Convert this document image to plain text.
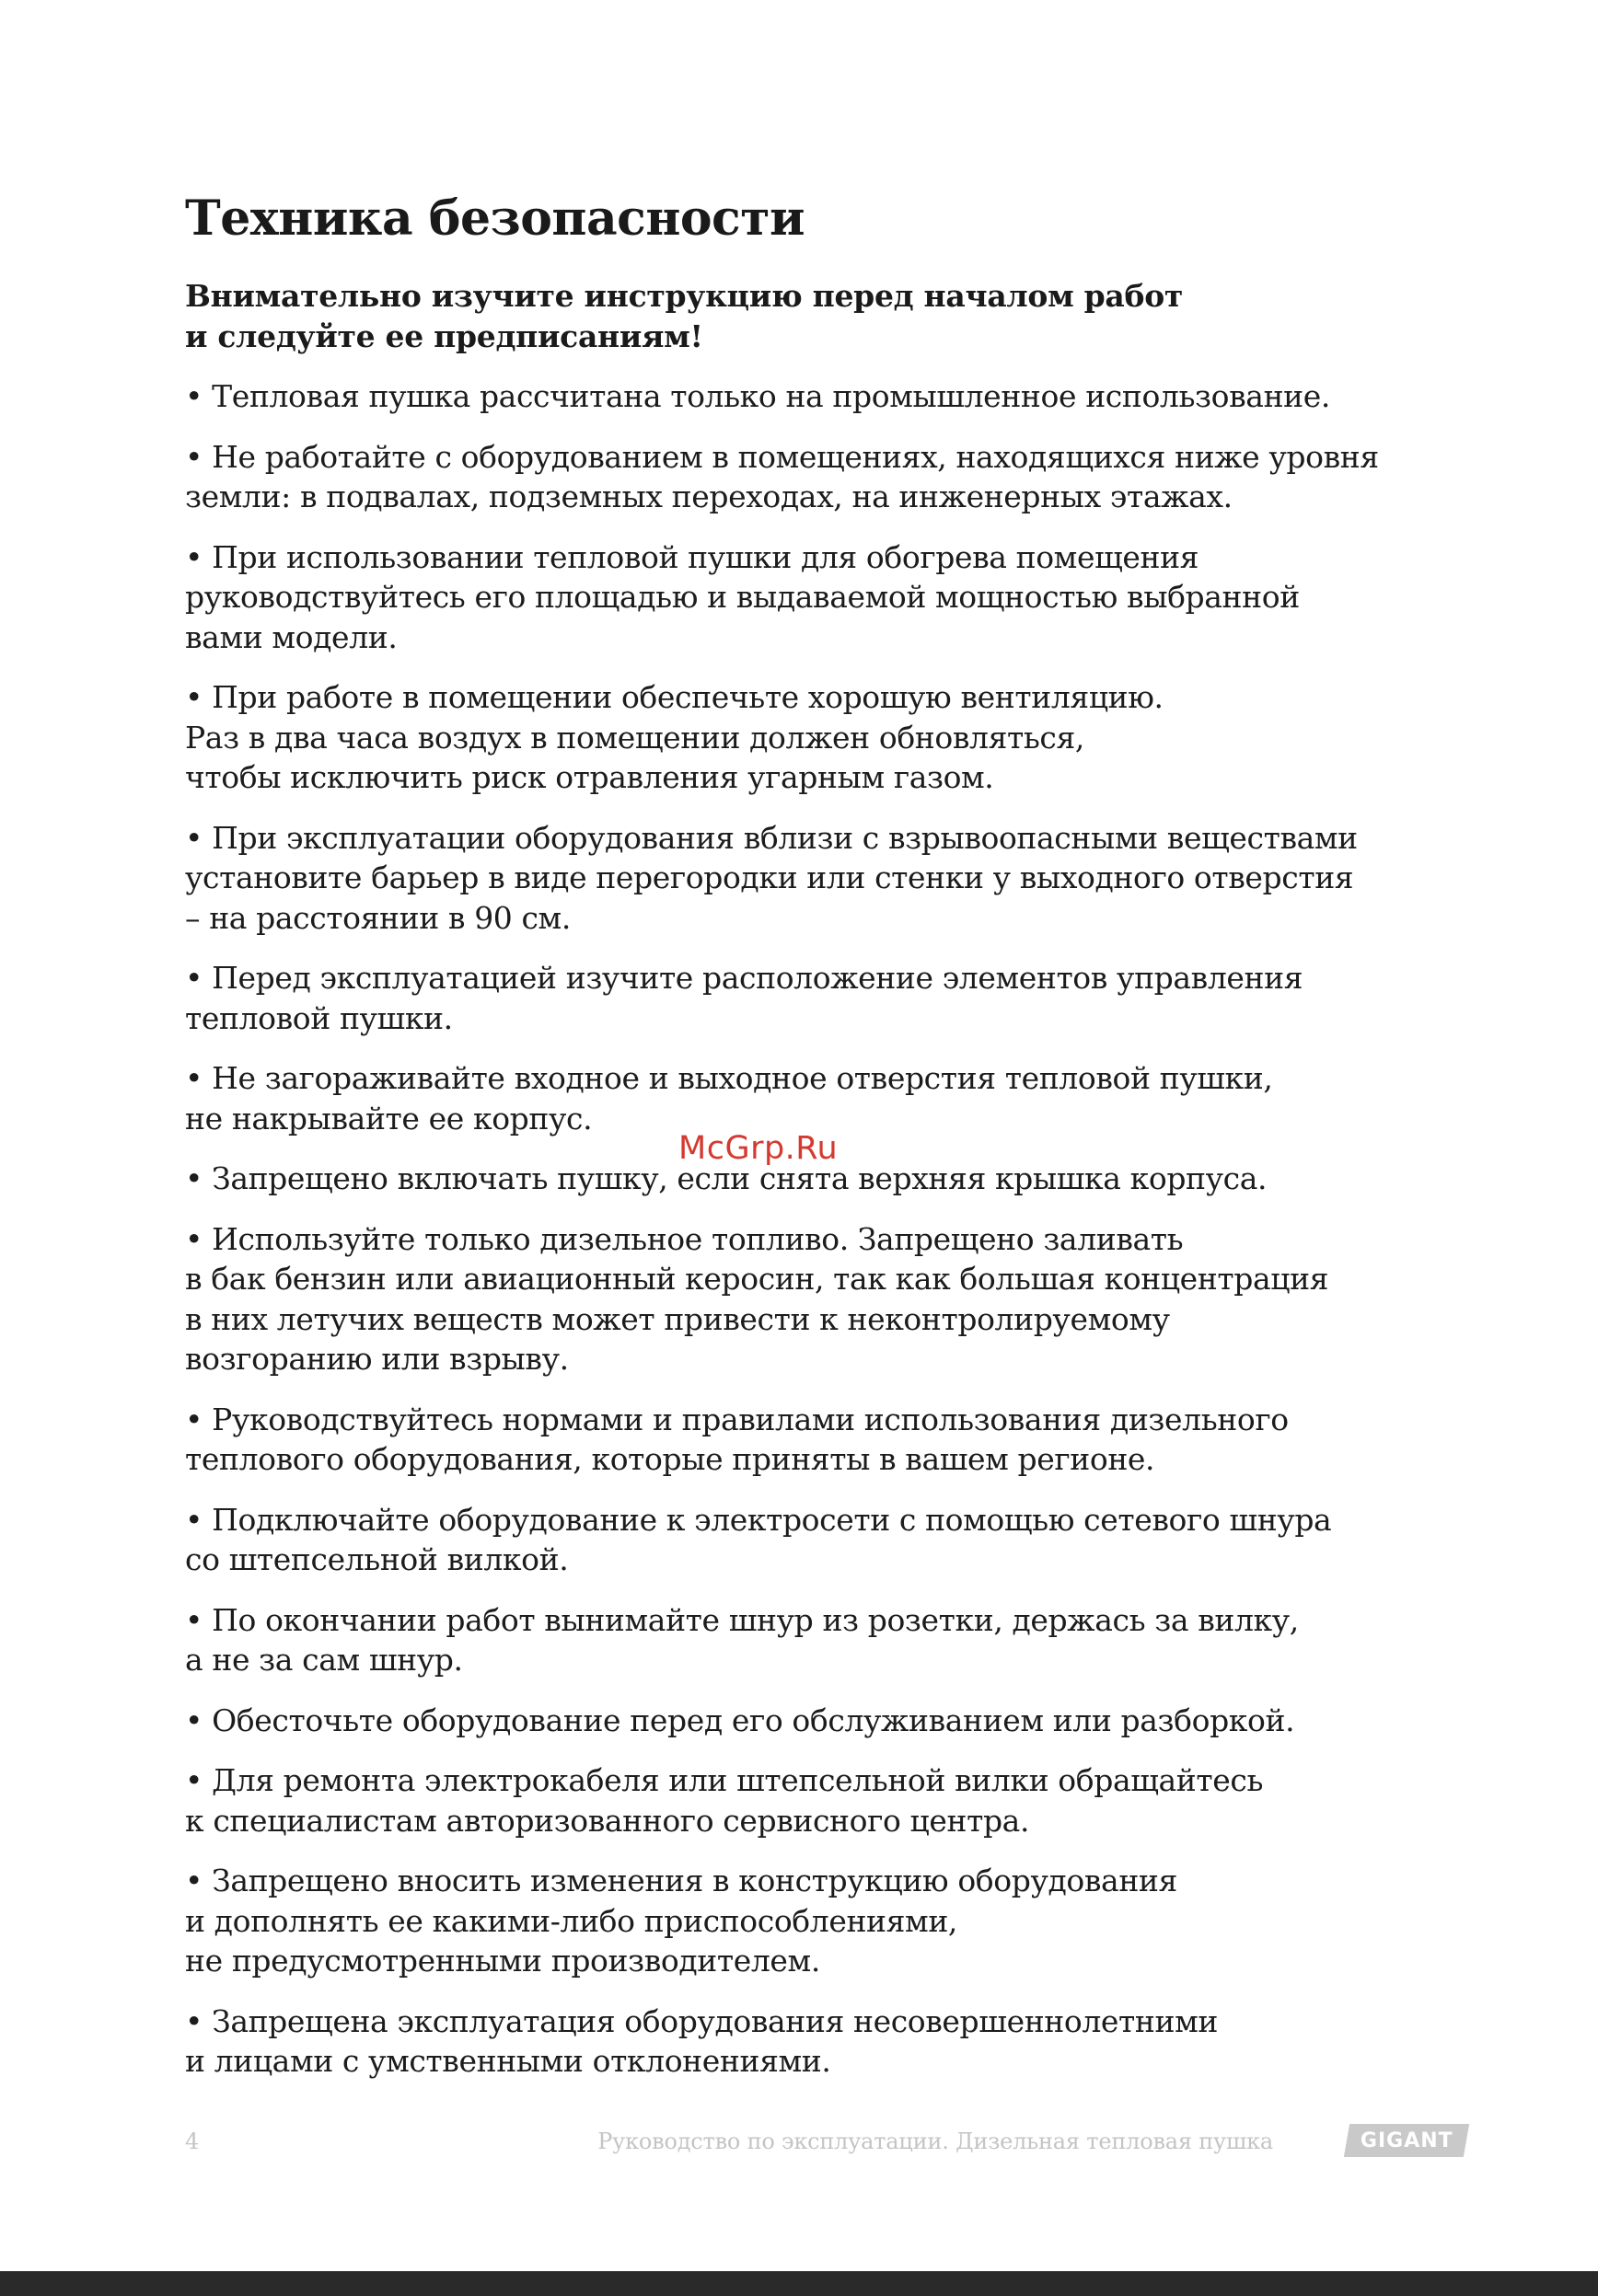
Техника безопасности
Внимательно изучите инструкцию перед началом работ
и следуйте ее предписаниям!
• Тепловая пушка рассчитана только на промышленное использование.
• Не работайте с оборудованием в помещениях, находящихся ниже уровня
земли: в подвалах, подземных переходах, на инженерных этажах.
• При использовании тепловой пушки для обогрева помещения
руководствуйтесь его площадью и выдаваемой мощностью выбранной
вами модели.
• При работе в помещении обеспечьте хорошую вентиляцию.
Раз в два часа воздух в помещении должен обновляться,
чтобы исключить риск отравления угарным газом.
• При эксплуатации оборудования вблизи с взрывоопасными веществами
установите барьер в виде перегородки или стенки у выходного отверстия
– на расстоянии в 90 см.
• Перед эксплуатацией изучите расположение элементов управления
тепловой пушки.
• Не загораживайте входное и выходное отверстия тепловой пушки,
не накрывайте ее корпус.
• Запрещено включать пушку, если снята верхняя крышка корпуса.
• Используйте только дизельное топливо. Запрещено заливать
в бак бензин или авиационный керосин, так как большая концентрация
в них летучих веществ может привести к неконтролируемому
возгоранию или взрыву.
• Руководствуйтесь нормами и правилами использования дизельного
теплового оборудования, которые приняты в вашем регионе.
• Подключайте оборудование к электросети с помощью сетевого шнура
со штепсельной вилкой.
• По окончании работ вынимайте шнур из розетки, держась за вилку,
а не за сам шнур.
• Обесточьте оборудование перед его обслуживанием или разборкой.
• Для ремонта электрокабеля или штепсельной вилки обращайтесь
к специалистам авторизованного сервисного центра.
• Запрещено вносить изменения в конструкцию оборудования
и дополнять ее какими-либо приспособлениями,
не предусмотренными производителем.
• Запрещена эксплуатация оборудования несовершеннолетними
и лицами с умственными отклонениями.
McGrp.Ru
4	Руководство по эксплуатации. Дизельная тепловая пушка	GIGANT
